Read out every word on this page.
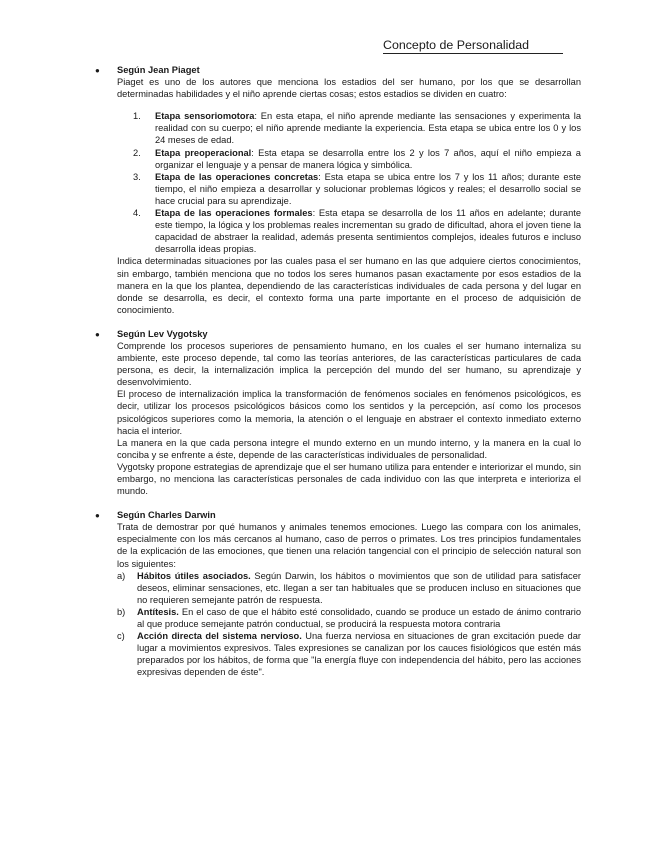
Concepto de Personalidad
● Según Jean Piaget

Piaget es uno de los autores que menciona los estadios del ser humano, por los que se desarrollan determinadas habilidades y el niño aprende ciertas cosas; estos estadios se dividen en cuatro:

1. Etapa sensoriomotora: En esta etapa, el niño aprende mediante las sensaciones y experimenta la realidad con su cuerpo; el niño aprende mediante la experiencia. Esta etapa se ubica entre los 0 y los 24 meses de edad.
2. Etapa preoperacional: Esta etapa se desarrolla entre los 2 y los 7 años, aquí el niño empieza a organizar el lenguaje y a pensar de manera lógica y simbólica.
3. Etapa de las operaciones concretas: Esta etapa se ubica entre los 7 y los 11 años; durante este tiempo, el niño empieza a desarrollar y solucionar problemas lógicos y reales; el desarrollo social se hace crucial para su aprendizaje.
4. Etapa de las operaciones formales: Esta etapa se desarrolla de los 11 años en adelante; durante este tiempo, la lógica y los problemas reales incrementan su grado de dificultad, ahora el joven tiene la capacidad de abstraer la realidad, además presenta sentimientos complejos, ideales futuros e incluso desarrolla ideas propias.

Indica determinadas situaciones por las cuales pasa el ser humano en las que adquiere ciertos conocimientos, sin embargo, también menciona que no todos los seres humanos pasan exactamente por esos estadios de la manera en la que los plantea, dependiendo de las características individuales de cada persona y del lugar en donde se desarrolla, es decir, el contexto forma una parte importante en el proceso de adquisición de conocimiento.

● Según Lev Vygotsky

Comprende los procesos superiores de pensamiento humano, en los cuales el ser humano internaliza su ambiente, este proceso depende, tal como las teorías anteriores, de las características particulares de cada persona, es decir, la internalización implica la percepción del mundo del ser humano, su aprendizaje y desenvolvimiento.

El proceso de internalización implica la transformación de fenómenos sociales en fenómenos psicológicos, es decir, utilizar los procesos psicológicos básicos como los sentidos y la percepción, así como los procesos psicológicos superiores como la memoria, la atención o el lenguaje en abstraer el contexto inmediato externo hacia el interior.

La manera en la que cada persona integre el mundo externo en un mundo interno, y la manera en la cual lo conciba y se enfrente a éste, depende de las características individuales de personalidad.

Vygotsky propone estrategias de aprendizaje que el ser humano utiliza para entender e interiorizar el mundo, sin embargo, no menciona las características personales de cada individuo con las que interpreta e interioriza el mundo.

● Según Charles Darwin

Trata de demostrar por qué humanos y animales tenemos emociones. Luego las compara con los animales, especialmente con los más cercanos al humano, caso de perros o primates. Los tres principios fundamentales de la explicación de las emociones, que tienen una relación tangencial con el principio de selección natural son los siguientes:

a) Hábitos útiles asociados. Según Darwin, los hábitos o movimientos que son de utilidad para satisfacer deseos, eliminar sensaciones, etc. llegan a ser tan habituales que se producen incluso en situaciones que no requieren semejante patrón de respuesta.
b) Antítesis. En el caso de que el hábito esté consolidado, cuando se produce un estado de ánimo contrario al que produce semejante patrón conductual, se producirá la respuesta motora contraria
c) Acción directa del sistema nervioso. Una fuerza nerviosa en situaciones de gran excitación puede dar lugar a movimientos expresivos. Tales expresiones se canalizan por los cauces fisiológicos que estén más preparados por los hábitos, de forma que "la energía fluye con independencia del hábito, pero las acciones expresivas dependen de éste".
